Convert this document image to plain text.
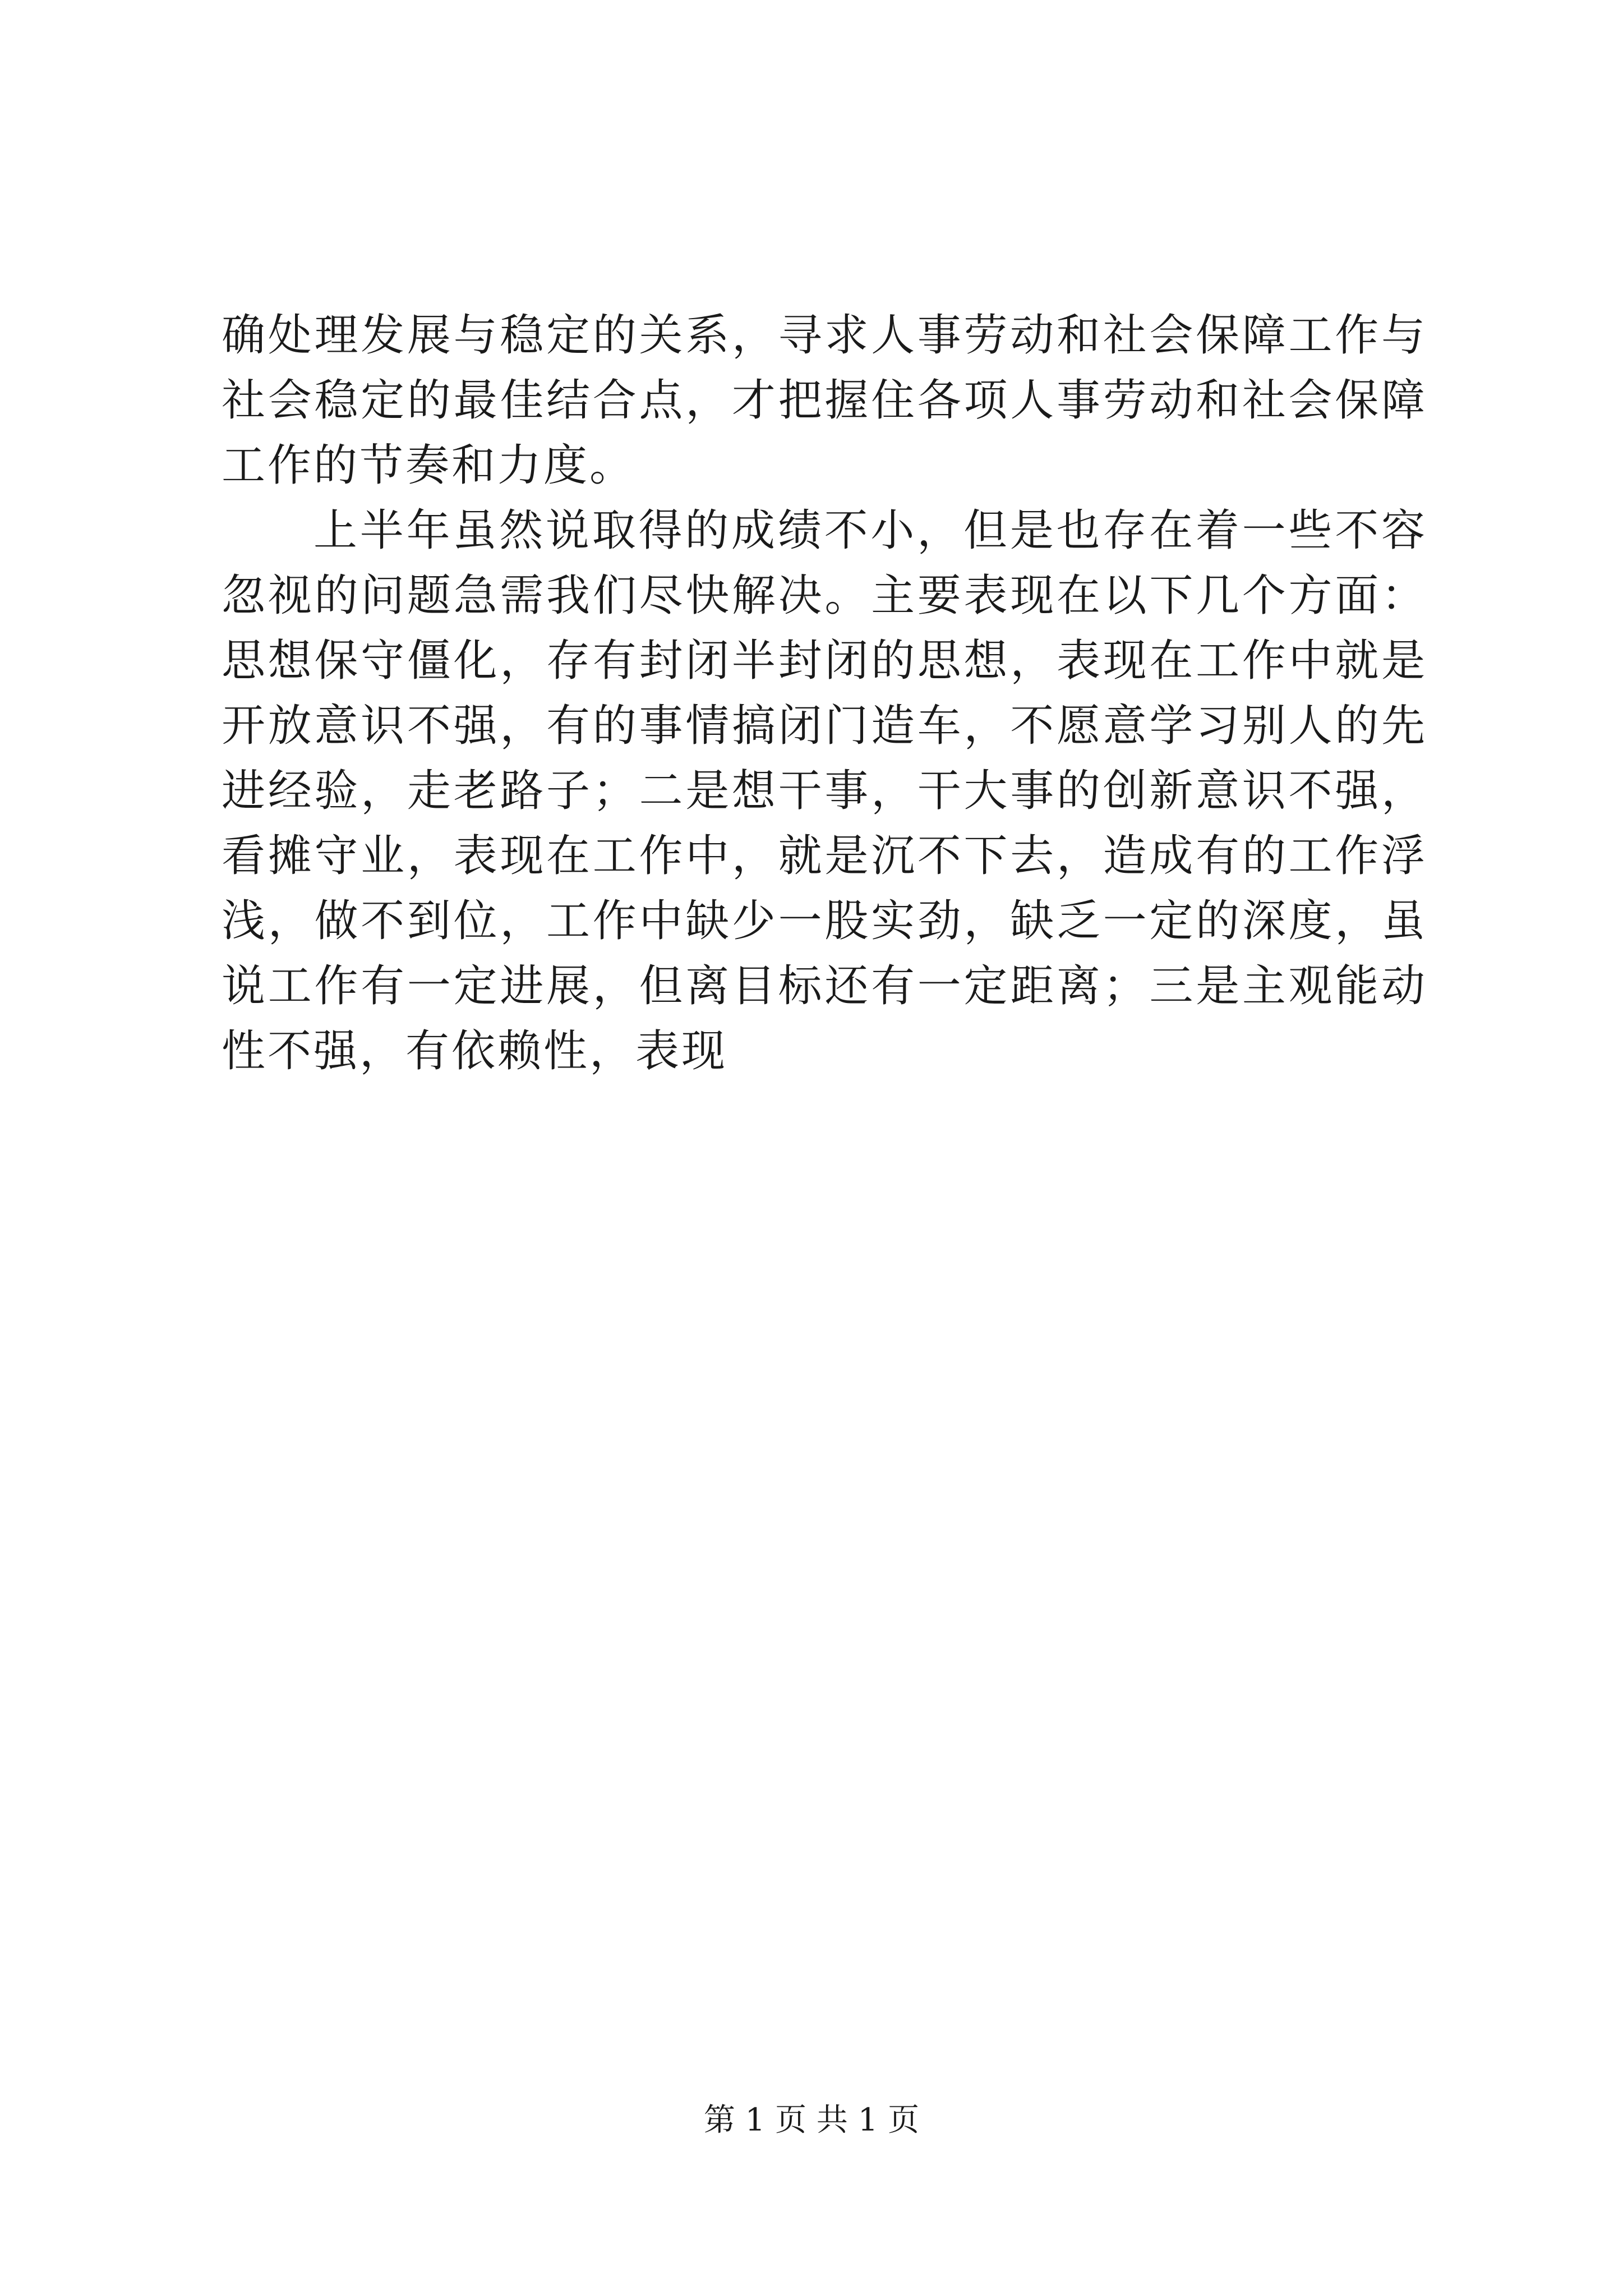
确处理发展与稳定的关系，寻求人事劳动和社会保障工作与社会稳定的最佳结合点，才把握住各项人事劳动和社会保障工作的节奏和力度。

上半年虽然说取得的成绩不小，但是也存在着一些不容忽视的问题急需我们尽快解决。主要表现在以下几个方面：思想保守僵化，存有封闭半封闭的思想，表现在工作中就是开放意识不强，有的事情搞闭门造车，不愿意学习别人的先进经验，走老路子；二是想干事，干大事的创新意识不强，看摊守业，表现在工作中，就是沉不下去，造成有的工作浮浅，做不到位，工作中缺少一股实劲，缺乏一定的深度，虽说工作有一定进展，但离目标还有一定距离；三是主观能动性不强，有依赖性，表现

第 1 页 共 1 页
